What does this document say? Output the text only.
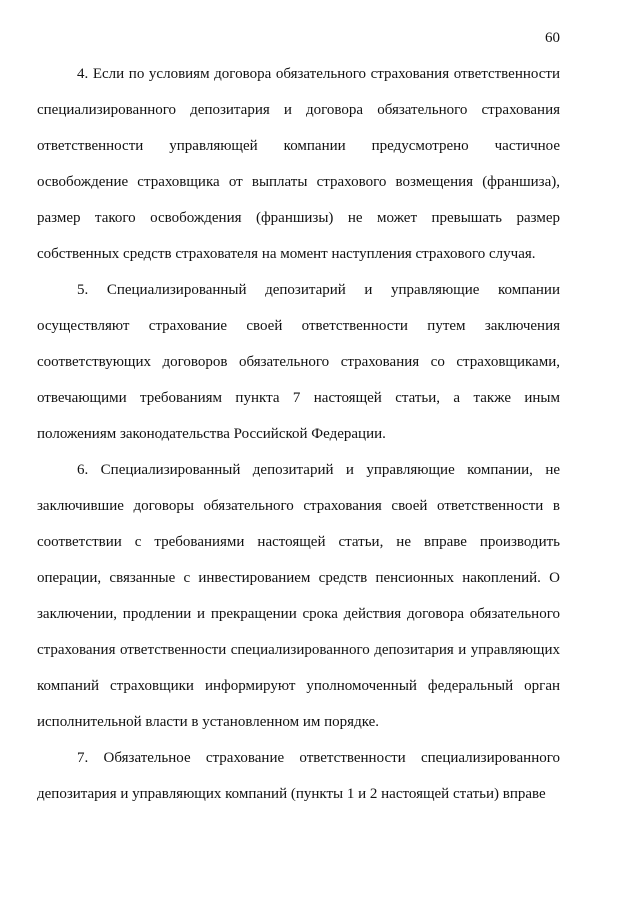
60

4. Если по условиям договора обязательного страхования ответственности специализированного депозитария и договора обязательного страхования ответственности управляющей компании предусмотрено частичное освобождение страховщика от выплаты страхового возмещения (франшиза), размер такого освобождения (франшизы) не может превышать размер собственных средств страхователя на момент наступления страхового случая.

5. Специализированный депозитарий и управляющие компании осуществляют страхование своей ответственности путем заключения соответствующих договоров обязательного страхования со страховщиками, отвечающими требованиям пункта 7 настоящей статьи, а также иным положениям законодательства Российской Федерации.

6. Специализированный депозитарий и управляющие компании, не заключившие договоры обязательного страхования своей ответственности в соответствии с требованиями настоящей статьи, не вправе производить операции, связанные с инвестированием средств пенсионных накоплений. О заключении, продлении и прекращении срока действия договора обязательного страхования ответственности специализированного депозитария и управляющих компаний страховщики информируют уполномоченный федеральный орган исполнительной власти в установленном им порядке.

7. Обязательное страхование ответственности специализированного депозитария и управляющих компаний (пункты 1 и 2 настоящей статьи) вправе
